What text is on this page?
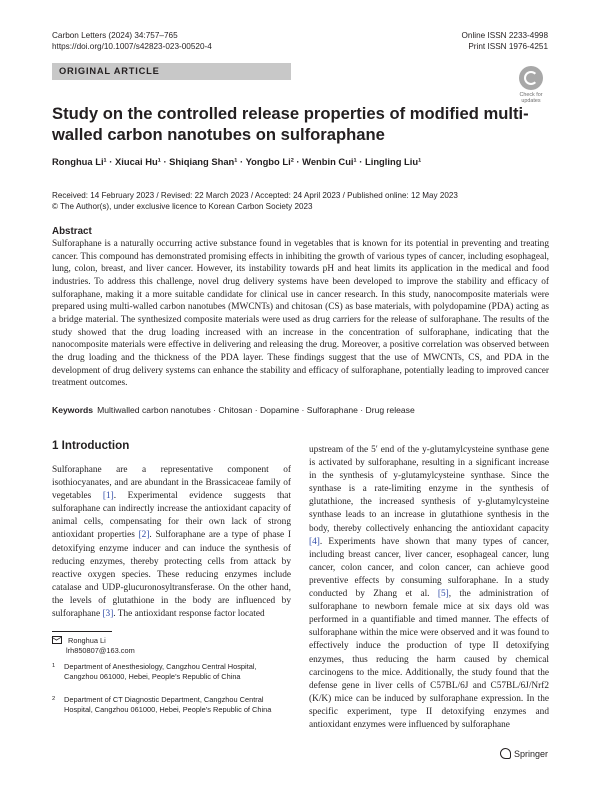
Carbon Letters (2024) 34:757–765
https://doi.org/10.1007/s42823-023-00520-4
Online ISSN 2233-4998
Print ISSN 1976-4251
ORIGINAL ARTICLE
Check for
updates
Study on the controlled release properties of modified multi-walled carbon nanotubes on sulforaphane
Ronghua Li¹ · Xiucai Hu¹ · Shiqiang Shan¹ · Yongbo Li² · Wenbin Cui¹ · Lingling Liu¹
Received: 14 February 2023 / Revised: 22 March 2023 / Accepted: 24 April 2023 / Published online: 12 May 2023
© The Author(s), under exclusive licence to Korean Carbon Society 2023
Abstract
Sulforaphane is a naturally occurring active substance found in vegetables that is known for its potential in preventing and treating cancer. This compound has demonstrated promising effects in inhibiting the growth of various types of cancer, including esophageal, lung, colon, breast, and liver cancer. However, its instability towards pH and heat limits its application in the medical and food industries. To address this challenge, novel drug delivery systems have been developed to improve the stability and efficacy of sulforaphane, making it a more suitable candidate for clinical use in cancer research. In this study, nanocomposite materials were prepared using multi-walled carbon nanotubes (MWCNTs) and chitosan (CS) as base materials, with polydopamine (PDA) acting as a bridge material. The synthesized composite materials were used as drug carriers for the release of sulforaphane. The results of the study showed that the drug loading increased with an increase in the concentration of sulforaphane, indicating that the nanocomposite materials were effective in delivering and releasing the drug. Moreover, a positive correlation was observed between the drug loading and the thickness of the PDA layer. These findings suggest that the use of MWCNTs, CS, and PDA in the development of drug delivery systems can enhance the stability and efficacy of sulforaphane, potentially leading to improved cancer treatment outcomes.
Keywords Multiwalled carbon nanotubes · Chitosan · Dopamine · Sulforaphane · Drug release
1 Introduction
Sulforaphane are a representative component of isothiocyanates, and are abundant in the Brassicaceae family of vegetables [1]. Experimental evidence suggests that sulforaphane can indirectly increase the antioxidant capacity of animal cells, compensating for their own lack of strong antioxidant properties [2]. Sulforaphane are a type of phase I detoxifying enzyme inducer and can induce the synthesis of reducing enzymes, thereby protecting cells from attack by reactive oxygen species. These reducing enzymes include catalase and UDP-glucuronosyltransferase. On the other hand, the levels of glutathione in the body are influenced by sulforaphane [3]. The antioxidant response factor located
upstream of the 5′ end of the y-glutamylcysteine synthase gene is activated by sulforaphane, resulting in a significant increase in the synthesis of y-glutamylcysteine synthase. Since the synthase is a rate-limiting enzyme in the synthesis of glutathione, the increased synthesis of y-glutamylcysteine synthase leads to an increase in glutathione synthesis in the body, thereby collectively enhancing the antioxidant capacity [4]. Experiments have shown that many types of cancer, including breast cancer, liver cancer, esophageal cancer, lung cancer, colon cancer, and colon cancer, can achieve good preventive effects by consuming sulforaphane. In a study conducted by Zhang et al. [5], the administration of sulforaphane to newborn female mice at six days old was performed in a quantifiable and timed manner. The effects of sulforaphane within the mice were observed and it was found to effectively induce the production of type II detoxifying enzymes, thus reducing the harm caused by chemical carcinogens to the mice. Additionally, the study found that the defense gene in liver cells of C57BL/6J and C57BL/6J/Nrf2 (K/K) mice can be induced by sulforaphane expression. In the specific experiment, type II detoxifying enzymes and antioxidant enzymes were influenced by sulforaphane
Ronghua Li
lrh850807@163.com
1 Department of Anesthesiology, Cangzhou Central Hospital, Cangzhou 061000, Hebei, People’s Republic of China
2 Department of CT Diagnostic Department, Cangzhou Central Hospital, Cangzhou 061000, Hebei, People’s Republic of China
Springer
